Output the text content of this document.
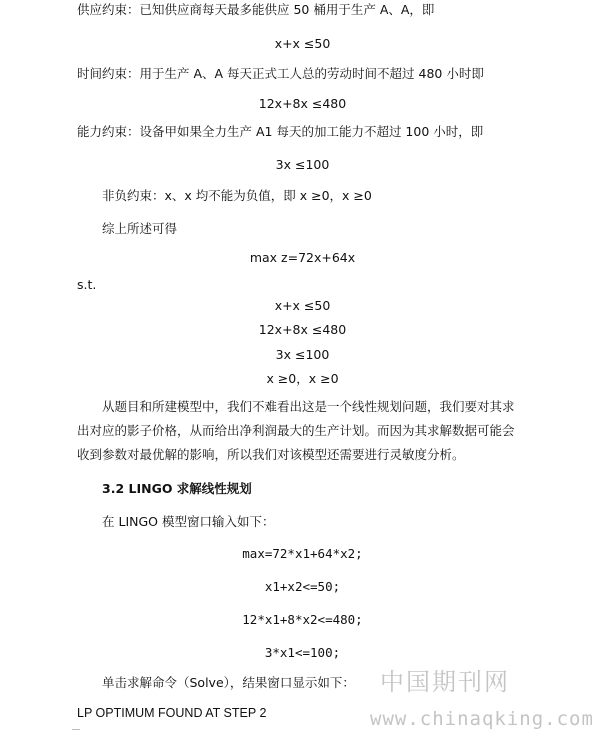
供应约束：已知供应商每天最多能供应 50 桶用于生产 A、A，即
x+x ≤50
时间约束：用于生产 A、A 每天正式工人总的劳动时间不超过 480 小时即
12x+8x ≤480
能力约束：设备甲如果全力生产 A1 每天的加工能力不超过 100 小时，即
3x ≤100
非负约束：x、x 均不能为负值，即 x ≥0，x ≥0
综上所述可得
max z=72x+64x
s.t.
x+x ≤50
12x+8x ≤480
3x ≤100
x ≥0，x ≥0
从题目和所建模型中，我们不难看出这是一个线性规划问题，我们要对其求出对应的影子价格，从而给出净利润最大的生产计划。而因为其求解数据可能会收到参数对最优解的影响，所以我们对该模型还需要进行灵敏度分析。
3.2 LINGO 求解线性规划
在 LINGO 模型窗口输入如下：
max=72*x1+64*x2;
x1+x2<=50;
12*x1+8*x2<=480;
3*x1<=100;
单击求解命令（Solve），结果窗口显示如下：
LP OPTIMUM FOUND AT STEP 2
中国期刊网
www.chinaqking.com
